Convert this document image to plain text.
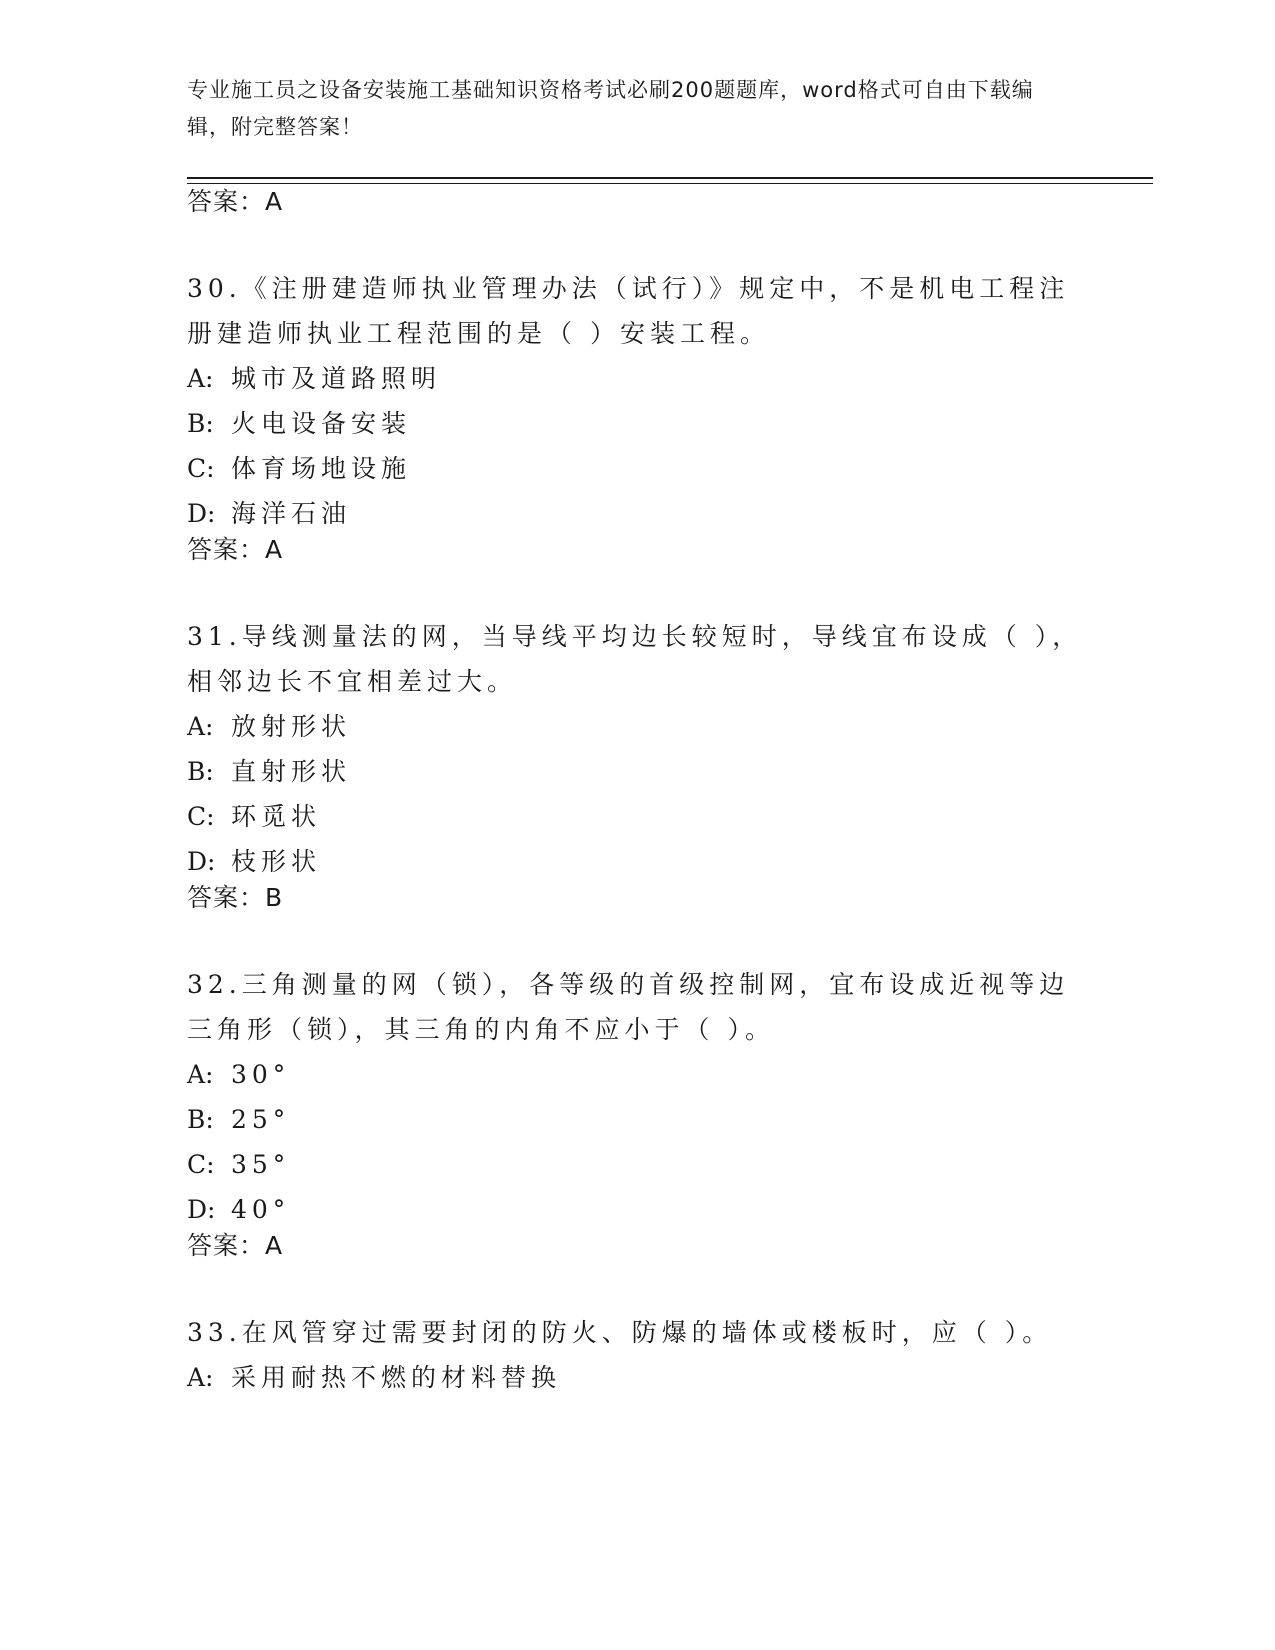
专业施工员之设备安装施工基础知识资格考试必刷200题题库，word格式可自由下载编辑，附完整答案！
答案：A
30.《注册建造师执业管理办法（试行）》规定中，不是机电工程注册建造师执业工程范围的是（ ）安装工程。
A: 城市及道路照明
B: 火电设备安装
C: 体育场地设施
D: 海洋石油
答案：A
31.导线测量法的网，当导线平均边长较短时，导线宜布设成（ ），相邻边长不宜相差过大。
A: 放射形状
B: 直射形状
C: 环觅状
D: 枝形状
答案：B
32.三角测量的网（锁），各等级的首级控制网，宜布设成近视等边三角形（锁），其三角的内角不应小于（ ）。
A: 30°
B: 25°
C: 35°
D: 40°
答案：A
33.在风管穿过需要封闭的防火、防爆的墙体或楼板时，应（ ）。
A: 采用耐热不燃的材料替换
